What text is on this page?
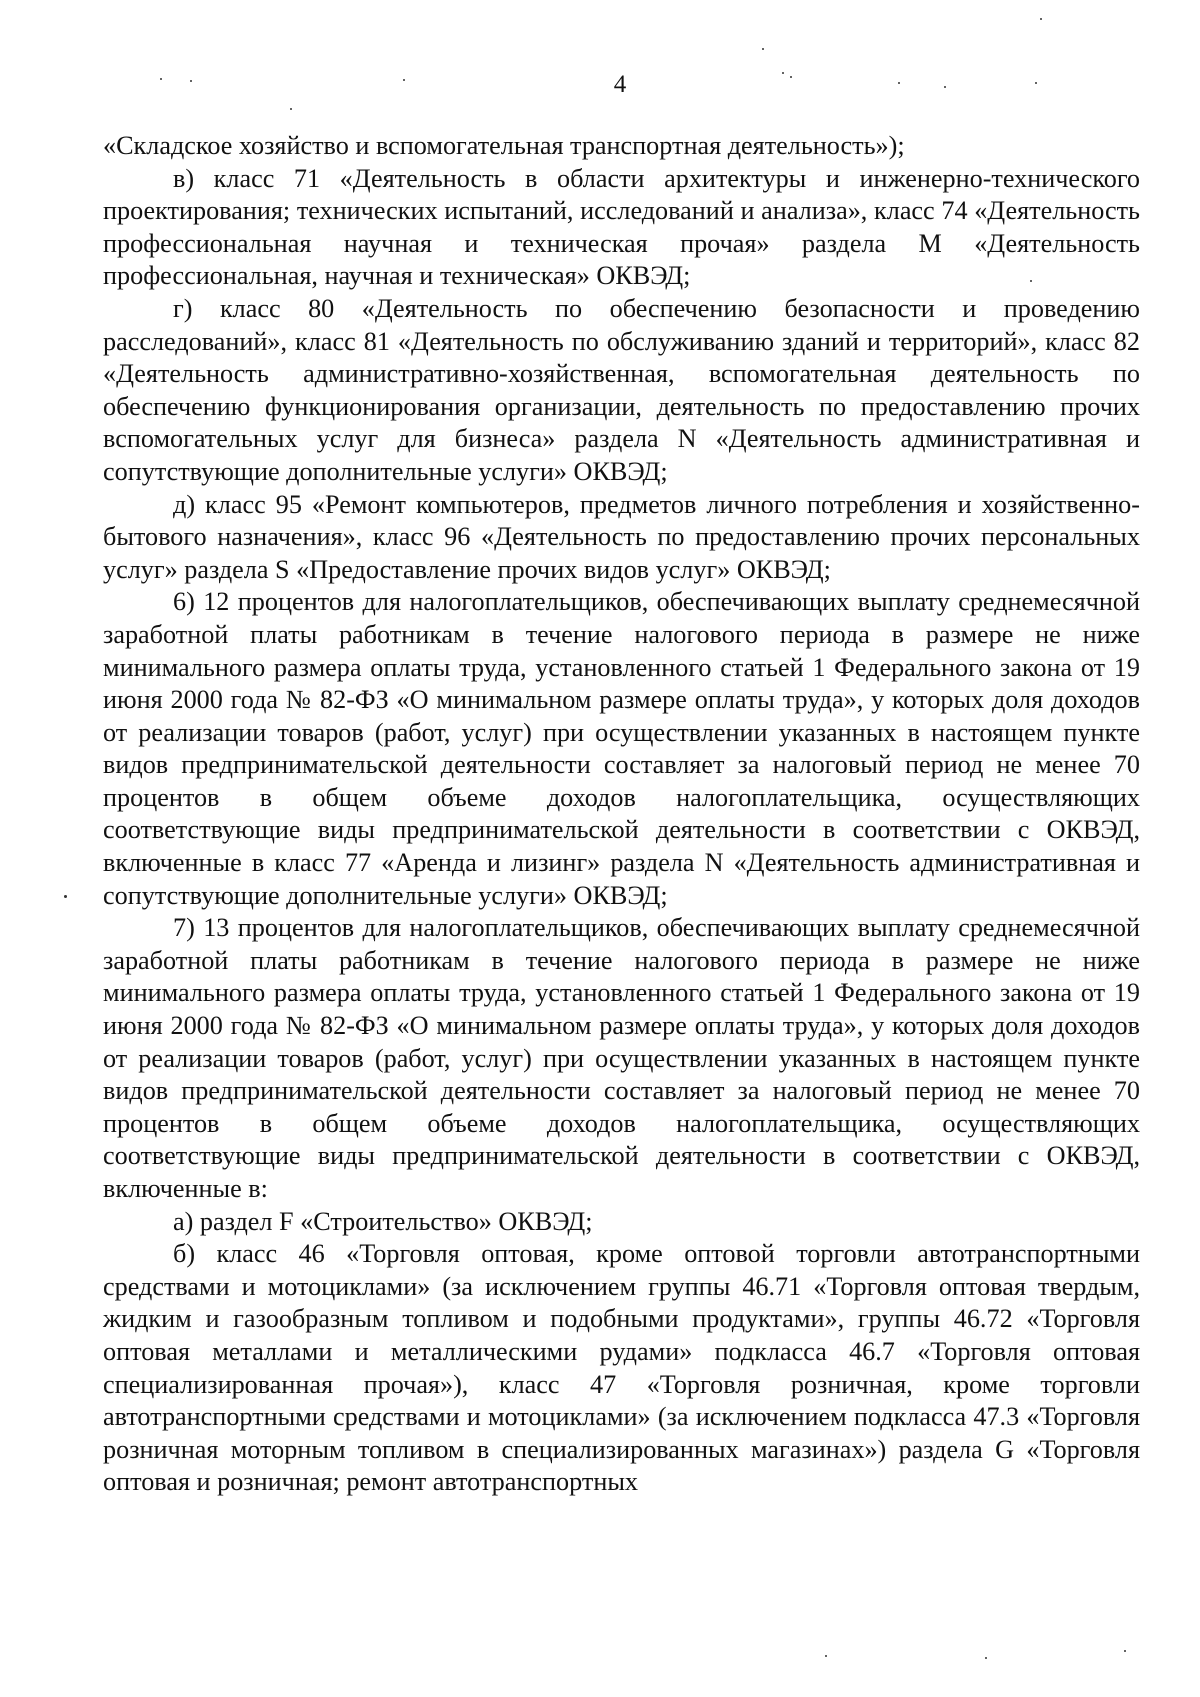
4

«Складское хозяйство и вспомогательная транспортная деятельность»);

в) класс 71 «Деятельность в области архитектуры и инженерно-технического проектирования; технических испытаний, исследований и анализа», класс 74 «Деятельность профессиональная научная и техническая прочая» раздела M «Деятельность профессиональная, научная и техническая» ОКВЭД;

г) класс 80 «Деятельность по обеспечению безопасности и проведению расследований», класс 81 «Деятельность по обслуживанию зданий и территорий», класс 82 «Деятельность административно-хозяйственная, вспомогательная деятельность по обеспечению функционирования организации, деятельность по предоставлению прочих вспомогательных услуг для бизнеса» раздела N «Деятельность административная и сопутствующие дополнительные услуги» ОКВЭД;

д) класс 95 «Ремонт компьютеров, предметов личного потребления и хозяйственно-бытового назначения», класс 96 «Деятельность по предоставлению прочих персональных услуг» раздела S «Предоставление прочих видов услуг» ОКВЭД;

6) 12 процентов для налогоплательщиков, обеспечивающих выплату среднемесячной заработной платы работникам в течение налогового периода в размере не ниже минимального размера оплаты труда, установленного статьей 1 Федерального закона от 19 июня 2000 года № 82-ФЗ «О минимальном размере оплаты труда», у которых доля доходов от реализации товаров (работ, услуг) при осуществлении указанных в настоящем пункте видов предпринимательской деятельности составляет за налоговый период не менее 70 процентов в общем объеме доходов налогоплательщика, осуществляющих соответствующие виды предпринимательской деятельности в соответствии с ОКВЭД, включенные в класс 77 «Аренда и лизинг» раздела N «Деятельность административная и сопутствующие дополнительные услуги» ОКВЭД;

7) 13 процентов для налогоплательщиков, обеспечивающих выплату среднемесячной заработной платы работникам в течение налогового периода в размере не ниже минимального размера оплаты труда, установленного статьей 1 Федерального закона от 19 июня 2000 года № 82-ФЗ «О минимальном размере оплаты труда», у которых доля доходов от реализации товаров (работ, услуг) при осуществлении указанных в настоящем пункте видов предпринимательской деятельности составляет за налоговый период не менее 70 процентов в общем объеме доходов налогоплательщика, осуществляющих соответствующие виды предпринимательской деятельности в соответствии с ОКВЭД, включенные в:

а) раздел F «Строительство» ОКВЭД;

б) класс 46 «Торговля оптовая, кроме оптовой торговли автотранспортными средствами и мотоциклами» (за исключением группы 46.71 «Торговля оптовая твердым, жидким и газообразным топливом и подобными продуктами», группы 46.72 «Торговля оптовая металлами и металлическими рудами» подкласса 46.7 «Торговля оптовая специализированная прочая»), класс 47 «Торговля розничная, кроме торговли автотранспортными средствами и мотоциклами» (за исключением подкласса 47.3 «Торговля розничная моторным топливом в специализированных магазинах») раздела G «Торговля оптовая и розничная; ремонт автотранспортных
